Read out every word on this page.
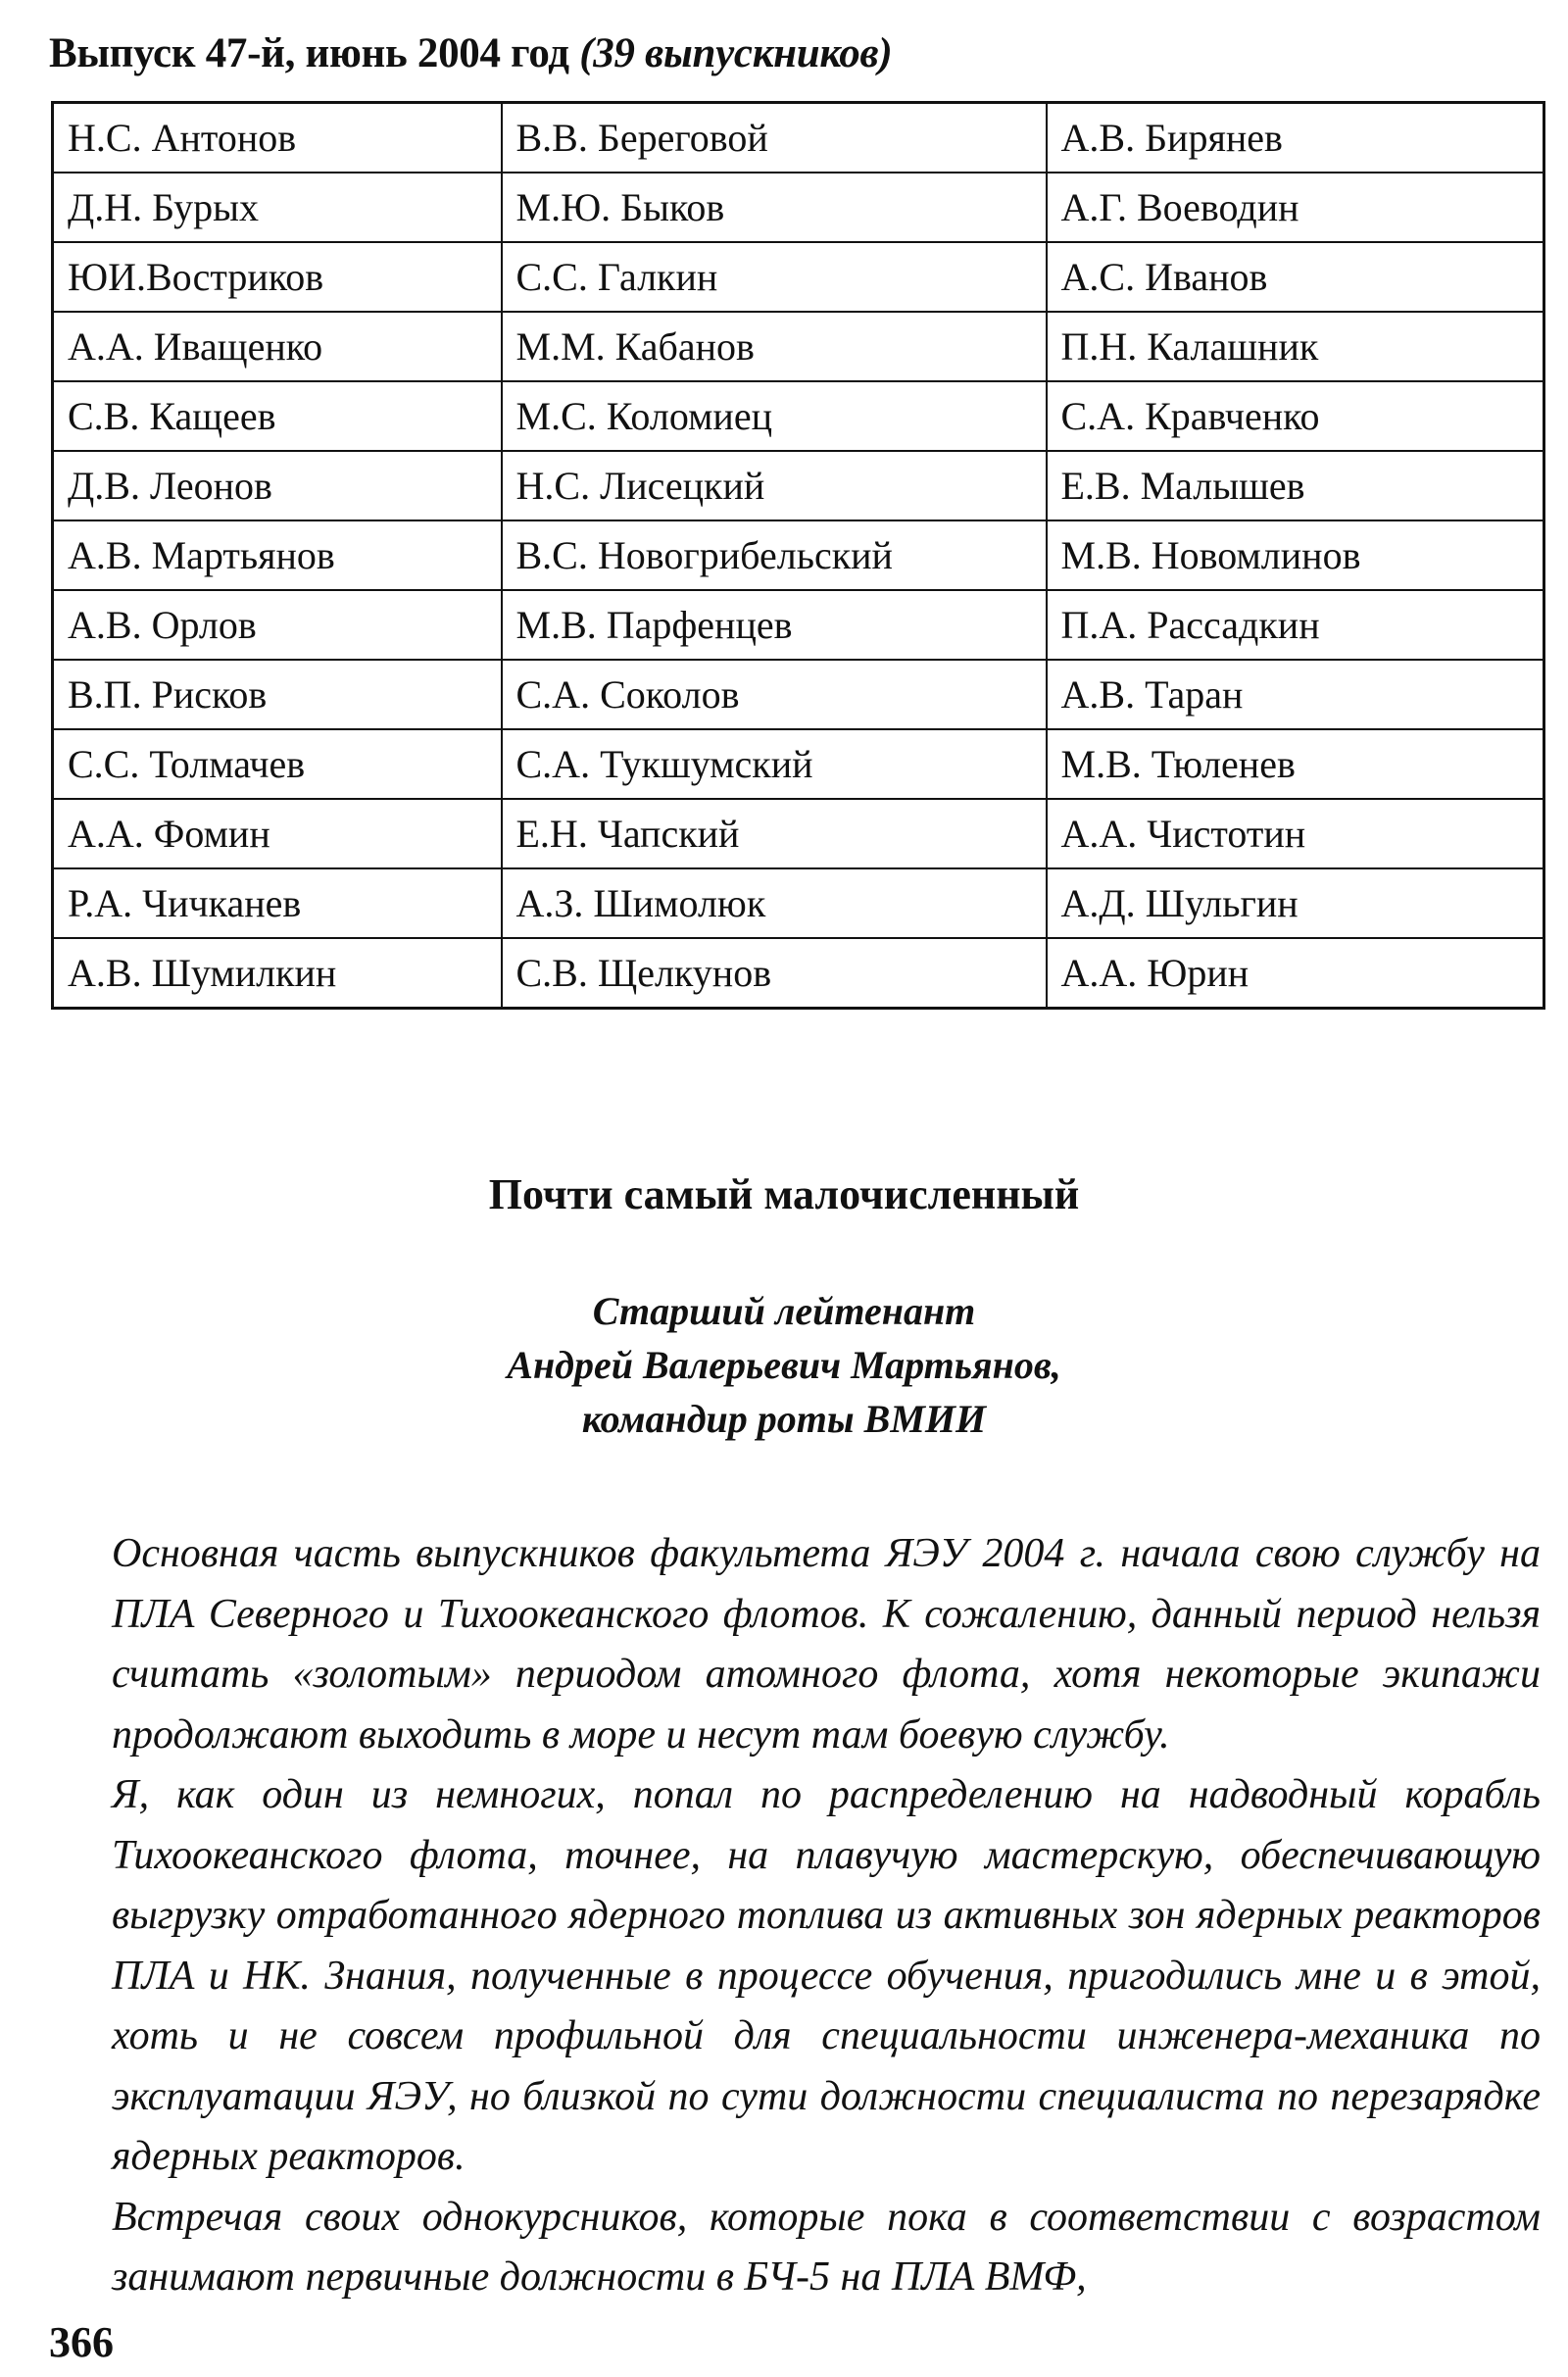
Выпуск 47-й, июнь 2004 год (39 выпускников)
Н.С. Антонов	В.В. Береговой	А.В. Бирянев
Д.Н. Бурых	М.Ю. Быков	А.Г. Воеводин
ЮИ.Востриков	С.С. Галкин	А.С. Иванов
А.А. Иващенко	М.М. Кабанов	П.Н. Калашник
С.В. Кащеев	М.С. Коломиец	С.А. Кравченко
Д.В. Леонов	Н.С. Лисецкий	Е.В. Малышев
А.В. Мартьянов	В.С. Новогрибельский	М.В. Новомлинов
А.В. Орлов	М.В. Парфенцев	П.А. Рассадкин
В.П. Рисков	С.А. Соколов	А.В. Таран
С.С. Толмачев	С.А. Тукшумский	М.В. Тюленев
А.А. Фомин	Е.Н. Чапский	А.А. Чистотин
Р.А. Чичканев	А.З. Шимолюк	А.Д. Шульгин
А.В. Шумилкин	С.В. Щелкунов	А.А. Юрин
Почти самый малочисленный
Старший лейтенант
Андрей Валерьевич Мартьянов,
командир роты ВМИИ

Основная часть выпускников факультета ЯЭУ 2004 г. начала свою службу на ПЛА Северного и Тихоокеанского флотов. К сожалению, данный период нельзя считать «золотым» периодом атомного флота, хотя некоторые экипажи продолжают выходить в море и несут там боевую службу.

Я, как один из немногих, попал по распределению на надводный корабль Тихоокеанского флота, точнее, на плавучую мастерскую, обеспечивающую выгрузку отработанного ядерного топлива из активных зон ядерных реакторов ПЛА и НК. Знания, полученные в процессе обучения, пригодились мне и в этой, хоть и не совсем профильной для специальности инженера-механика по эксплуатации ЯЭУ, но близкой по сути должности специалиста по перезарядке ядерных реакторов.

Встречая своих однокурсников, которые пока в соответствии с возрастом занимают первичные должности в БЧ-5 на ПЛА ВМФ,

366
